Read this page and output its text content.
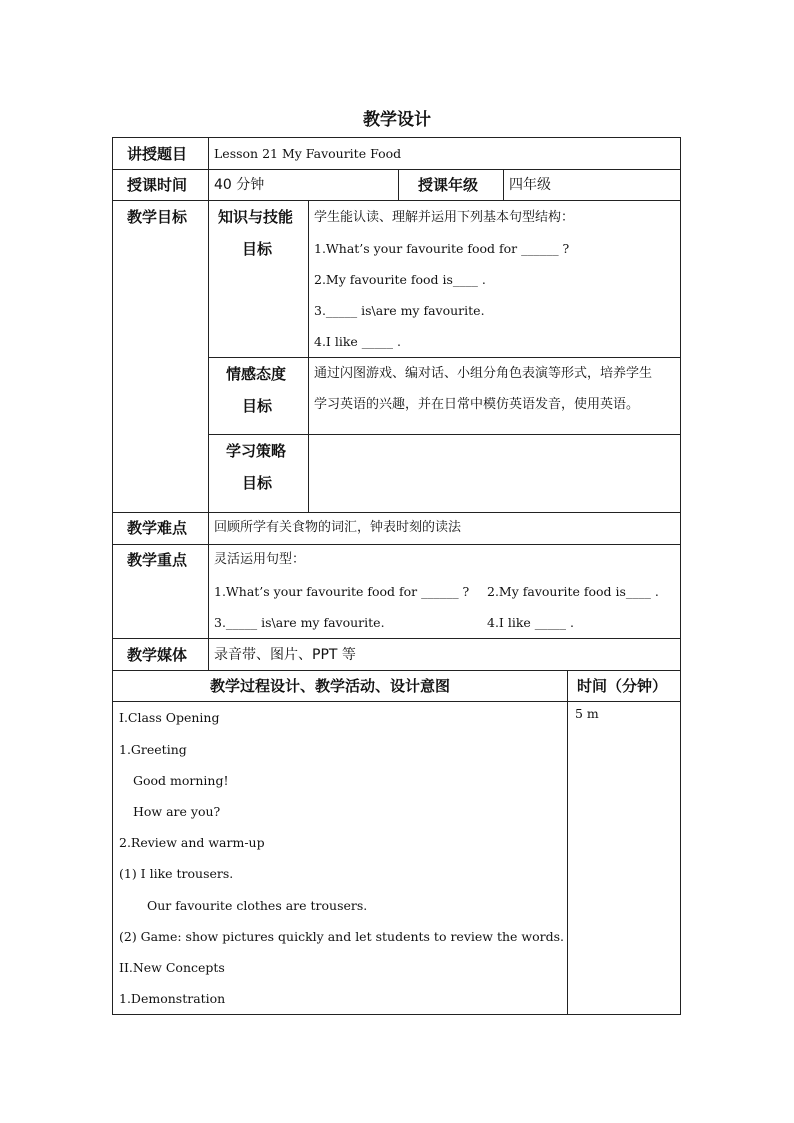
教学设计
讲授题目 Lesson 21 My Favourite Food
授课时间 40 分钟	授课年级 四年级
教学目标 知识与技能
目标
学生能认读、理解并运用下列基本句型结构：
1.What’s your favourite food for ______ ?
2.My favourite food is____ .
3._____ is\are my favourite.
4.I like _____ .
情感态度
目标
通过闪图游戏、编对话、小组分角色表演等形式，培养学生
学习英语的兴趣，并在日常中模仿英语发音，使用英语。
学习策略
目标
教学难点 回顾所学有关食物的词汇，钟表时刻的读法
教学重点 灵活运用句型：
1.What’s your favourite food for ______ ? 2.My favourite food is____ .
3._____ is\are my favourite.	4.I like _____ .
教学媒体 录音带、图片、PPT 等
教学过程设计、教学活动、设计意图	时间（分钟）
I.Class Opening
1.Greeting
Good morning!
How are you?
2.Review and warm-up
(1) I like trousers.
Our favourite clothes are trousers.
(2) Game: show pictures quickly and let students to review the words.
II.New Concepts
1.Demonstration
5 m
